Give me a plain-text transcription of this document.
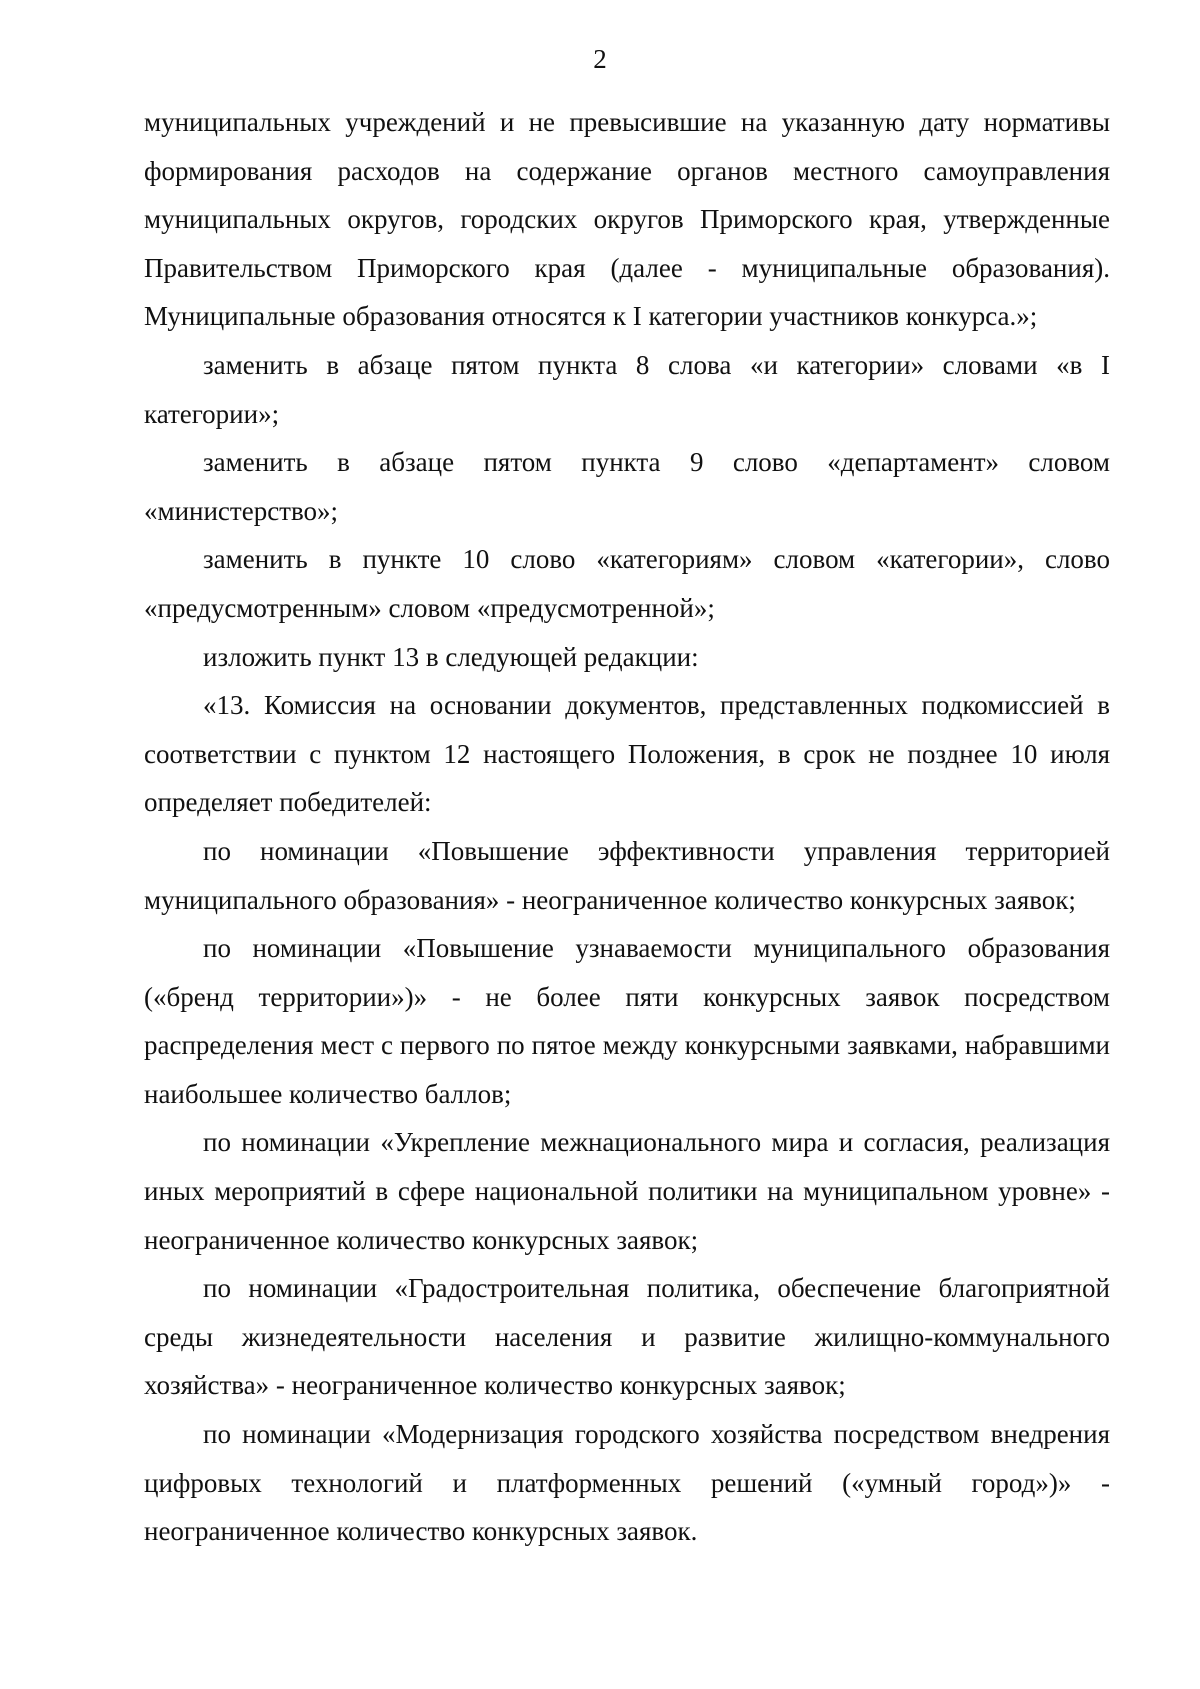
2

муниципальных учреждений и не превысившие на указанную дату нормативы формирования расходов на содержание органов местного самоуправления муниципальных округов, городских округов Приморского края, утвержденные Правительством Приморского края (далее - муниципальные образования). Муниципальные образования относятся к I категории участников конкурса.»;

заменить в абзаце пятом пункта 8 слова «и категории» словами «в I категории»;

заменить в абзаце пятом пункта 9 слово «департамент» словом «министерство»;

заменить в пункте 10 слово «категориям» словом «категории», слово «предусмотренным» словом «предусмотренной»;

изложить пункт 13 в следующей редакции:

«13. Комиссия на основании документов, представленных подкомиссией в соответствии с пунктом 12 настоящего Положения, в срок не позднее 10 июля определяет победителей:

по номинации «Повышение эффективности управления территорией муниципального образования» - неограниченное количество конкурсных заявок;

по номинации «Повышение узнаваемости муниципального образования («бренд территории»)» - не более пяти конкурсных заявок посредством распределения мест с первого по пятое между конкурсными заявками, набравшими наибольшее количество баллов;

по номинации «Укрепление межнационального мира и согласия, реализация иных мероприятий в сфере национальной политики на муниципальном уровне» - неограниченное количество конкурсных заявок;

по номинации «Градостроительная политика, обеспечение благоприятной среды жизнедеятельности населения и развитие жилищно-коммунального хозяйства» - неограниченное количество конкурсных заявок;

по номинации «Модернизация городского хозяйства посредством внедрения цифровых технологий и платформенных решений («умный город»)» - неограниченное количество конкурсных заявок.
